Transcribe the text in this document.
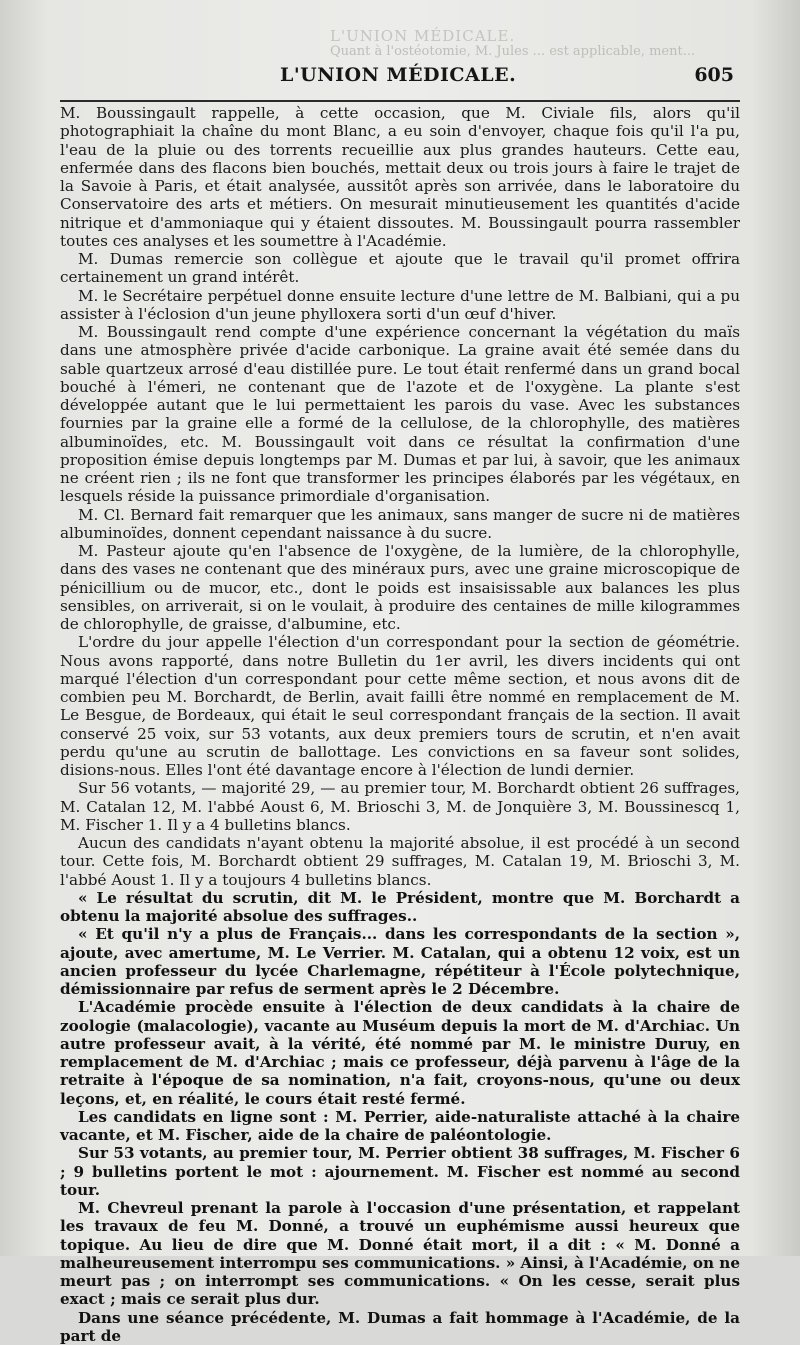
L'UNION MÉDICALE.
Quant à l'ostéotomie, M. Jules ... est applicable, ment...
L'UNION MÉDICALE.	605

M. Boussingault rappelle, à cette occasion, que M. Civiale fils, alors qu'il photographiait la chaîne du mont Blanc, a eu soin d'envoyer, chaque fois qu'il l'a pu, l'eau de la pluie ou des torrents recueillie aux plus grandes hauteurs. Cette eau, enfermée dans des flacons bien bouchés, mettait deux ou trois jours à faire le trajet de la Savoie à Paris, et était analysée, aussitôt après son arrivée, dans le laboratoire du Conservatoire des arts et métiers. On mesurait minutieusement les quantités d'acide nitrique et d'ammoniaque qui y étaient dissoutes. M. Boussingault pourra rassembler toutes ces analyses et les soumettre à l'Académie.

M. Dumas remercie son collègue et ajoute que le travail qu'il promet offrira certainement un grand intérêt.

M. le Secrétaire perpétuel donne ensuite lecture d'une lettre de M. Balbiani, qui a pu assister à l'éclosion d'un jeune phylloxera sorti d'un œuf d'hiver.

M. Boussingault rend compte d'une expérience concernant la végétation du maïs dans une atmosphère privée d'acide carbonique. La graine avait été semée dans du sable quartzeux arrosé d'eau distillée pure. Le tout était renfermé dans un grand bocal bouché à l'émeri, ne contenant que de l'azote et de l'oxygène. La plante s'est développée autant que le lui permettaient les parois du vase. Avec les substances fournies par la graine elle a formé de la cellulose, de la chlorophylle, des matières albuminoïdes, etc. M. Boussingault voit dans ce résultat la confirmation d'une proposition émise depuis longtemps par M. Dumas et par lui, à savoir, que les animaux ne créent rien ; ils ne font que transformer les principes élaborés par les végétaux, en lesquels réside la puissance primordiale d'organisation.

M. Cl. Bernard fait remarquer que les animaux, sans manger de sucre ni de matières albuminoïdes, donnent cependant naissance à du sucre.

M. Pasteur ajoute qu'en l'absence de l'oxygène, de la lumière, de la chlorophylle, dans des vases ne contenant que des minéraux purs, avec une graine microscopique de pénicillium ou de mucor, etc., dont le poids est insaisissable aux balances les plus sensibles, on arriverait, si on le voulait, à produire des centaines de mille kilogrammes de chlorophylle, de graisse, d'albumine, etc.

L'ordre du jour appelle l'élection d'un correspondant pour la section de géométrie. Nous avons rapporté, dans notre Bulletin du 1er avril, les divers incidents qui ont marqué l'élection d'un correspondant pour cette même section, et nous avons dit de combien peu M. Borchardt, de Berlin, avait failli être nommé en remplacement de M. Le Besgue, de Bordeaux, qui était le seul correspondant français de la section. Il avait conservé 25 voix, sur 53 votants, aux deux premiers tours de scrutin, et n'en avait perdu qu'une au scrutin de ballottage. Les convictions en sa faveur sont solides, disions-nous. Elles l'ont été davantage encore à l'élection de lundi dernier.

Sur 56 votants, — majorité 29, — au premier tour, M. Borchardt obtient 26 suffrages, M. Catalan 12, M. l'abbé Aoust 6, M. Brioschi 3, M. de Jonquière 3, M. Boussinescq 1, M. Fischer 1. Il y a 4 bulletins blancs.

Aucun des candidats n'ayant obtenu la majorité absolue, il est procédé à un second tour. Cette fois, M. Borchardt obtient 29 suffrages, M. Catalan 19, M. Brioschi 3, M. l'abbé Aoust 1. Il y a toujours 4 bulletins blancs.

« Le résultat du scrutin, dit M. le Président, montre que M. Borchardt a obtenu la majorité absolue des suffrages..

« Et qu'il n'y a plus de Français... dans les correspondants de la section », ajoute, avec amertume, M. Le Verrier. M. Catalan, qui a obtenu 12 voix, est un ancien professeur du lycée Charlemagne, répétiteur à l'École polytechnique, démissionnaire par refus de serment après le 2 Décembre.

L'Académie procède ensuite à l'élection de deux candidats à la chaire de zoologie (malacologie), vacante au Muséum depuis la mort de M. d'Archiac. Un autre professeur avait, à la vérité, été nommé par M. le ministre Duruy, en remplacement de M. d'Archiac ; mais ce professeur, déjà parvenu à l'âge de la retraite à l'époque de sa nomination, n'a fait, croyons-nous, qu'une ou deux leçons, et, en réalité, le cours était resté fermé.

Les candidats en ligne sont : M. Perrier, aide-naturaliste attaché à la chaire vacante, et M. Fischer, aide de la chaire de paléontologie.

Sur 53 votants, au premier tour, M. Perrier obtient 38 suffrages, M. Fischer 6 ; 9 bulletins portent le mot : ajournement. M. Fischer est nommé au second tour.

M. Chevreul prenant la parole à l'occasion d'une présentation, et rappelant les travaux de feu M. Donné, a trouvé un euphémisme aussi heureux que topique. Au lieu de dire que M. Donné était mort, il a dit : « M. Donné a malheureusement interrompu ses communications. » Ainsi, à l'Académie, on ne meurt pas ; on interrompt ses communications. « On les cesse, serait plus exact ; mais ce serait plus dur.

Dans une séance précédente, M. Dumas a fait hommage à l'Académie, de la part de
